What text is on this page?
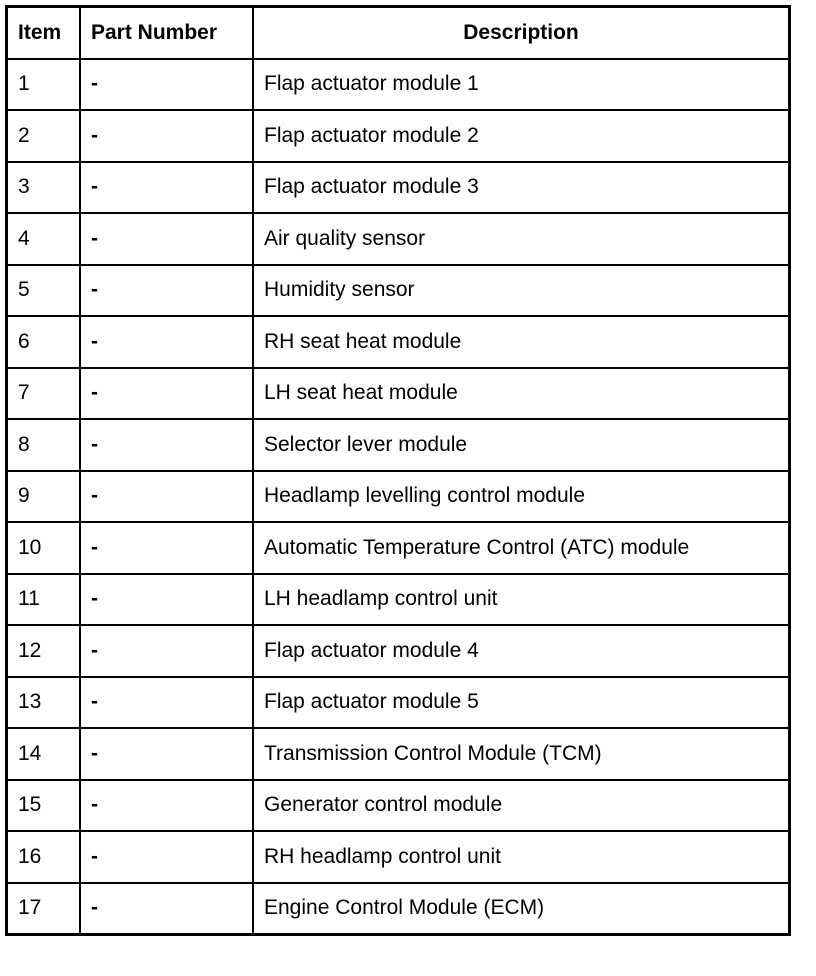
Item	Part Number	Description
1	-	Flap actuator module 1
2	-	Flap actuator module 2
3	-	Flap actuator module 3
4	-	Air quality sensor
5	-	Humidity sensor
6	-	RH seat heat module
7	-	LH seat heat module
8	-	Selector lever module
9	-	Headlamp levelling control module
10	-	Automatic Temperature Control (ATC) module
11	-	LH headlamp control unit
12	-	Flap actuator module 4
13	-	Flap actuator module 5
14	-	Transmission Control Module (TCM)
15	-	Generator control module
16	-	RH headlamp control unit
17	-	Engine Control Module (ECM)
